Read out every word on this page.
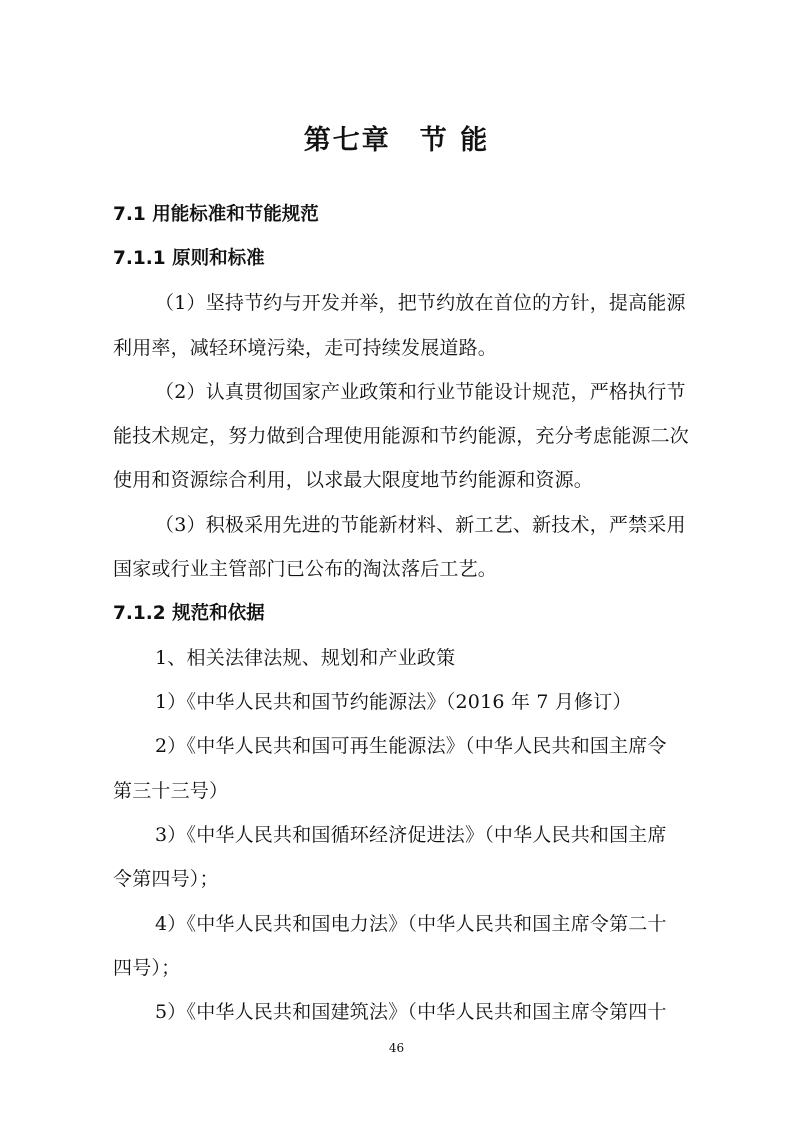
第七章　节 能
7.1 用能标准和节能规范
7.1.1 原则和标准
（1）坚持节约与开发并举，把节约放在首位的方针，提高能源
利用率，减轻环境污染，走可持续发展道路。
（2）认真贯彻国家产业政策和行业节能设计规范，严格执行节
能技术规定，努力做到合理使用能源和节约能源，充分考虑能源二次
使用和资源综合利用，以求最大限度地节约能源和资源。
（3）积极采用先进的节能新材料、新工艺、新技术，严禁采用
国家或行业主管部门已公布的淘汰落后工艺。
7.1.2 规范和依据
1、相关法律法规、规划和产业政策
1）《中华人民共和国节约能源法》（2016 年 7 月修订）
2）《中华人民共和国可再生能源法》（中华人民共和国主席令
第三十三号）
3）《中华人民共和国循环经济促进法》（中华人民共和国主席
令第四号）；
4）《中华人民共和国电力法》（中华人民共和国主席令第二十
四号）；
5）《中华人民共和国建筑法》（中华人民共和国主席令第四十
46
